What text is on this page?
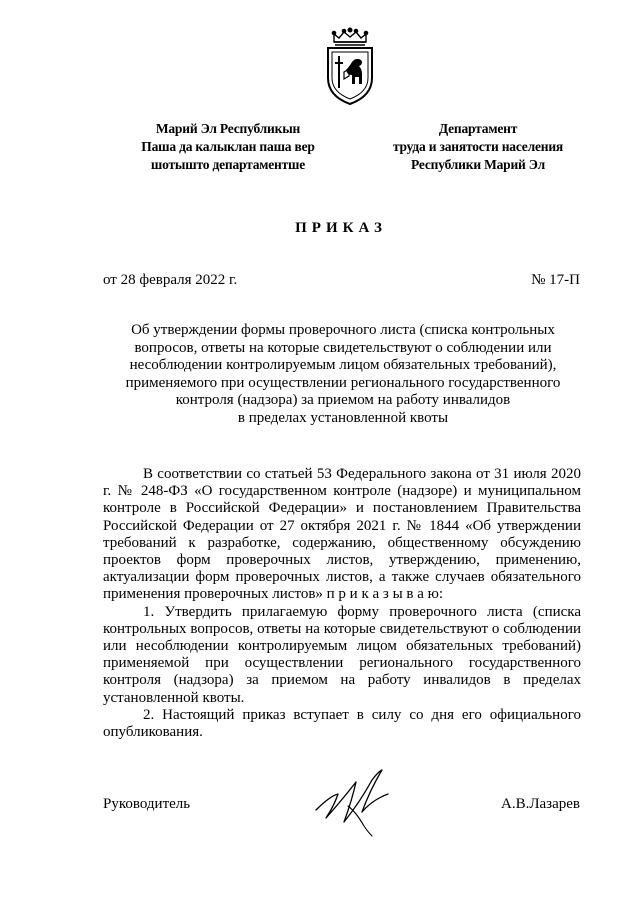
Марий Эл Республикын
Паша да калыклан паша вер
шотышто департаментше
Департамент
труда и занятости населения
Республики Марий Эл
ПРИКАЗ
от 28 февраля 2022 г.	№ 17-П
Об утверждении формы проверочного листа (списка контрольных
вопросов, ответы на которые свидетельствуют о соблюдении или
несоблюдении контролируемым лицом обязательных требований),
применяемого при осуществлении регионального государственного
контроля (надзора) за приемом на работу инвалидов
в пределах установленной квоты

В соответствии со статьей 53 Федерального закона от 31 июля 2020 г. № 248-ФЗ «О государственном контроле (надзоре) и муниципальном контроле в Российской Федерации» и постановлением Правительства Российской Федерации от 27 октября 2021 г. № 1844 «Об утверждении требований к разработке, содержанию, общественному обсуждению проектов форм проверочных листов, утверждению, применению, актуализации форм проверочных листов, а также случаев обязательного применения проверочных листов» п р и к а з ы в а ю:

1. Утвердить прилагаемую форму проверочного листа (списка контрольных вопросов, ответы на которые свидетельствуют о соблюдении или несоблюдении контролируемым лицом обязательных требований) применяемой при осуществлении регионального государственного контроля (надзора) за приемом на работу инвалидов в пределах установленной квоты.

2. Настоящий приказ вступает в силу со дня его официального опубликования.

Руководитель	А.В.Лазарев
